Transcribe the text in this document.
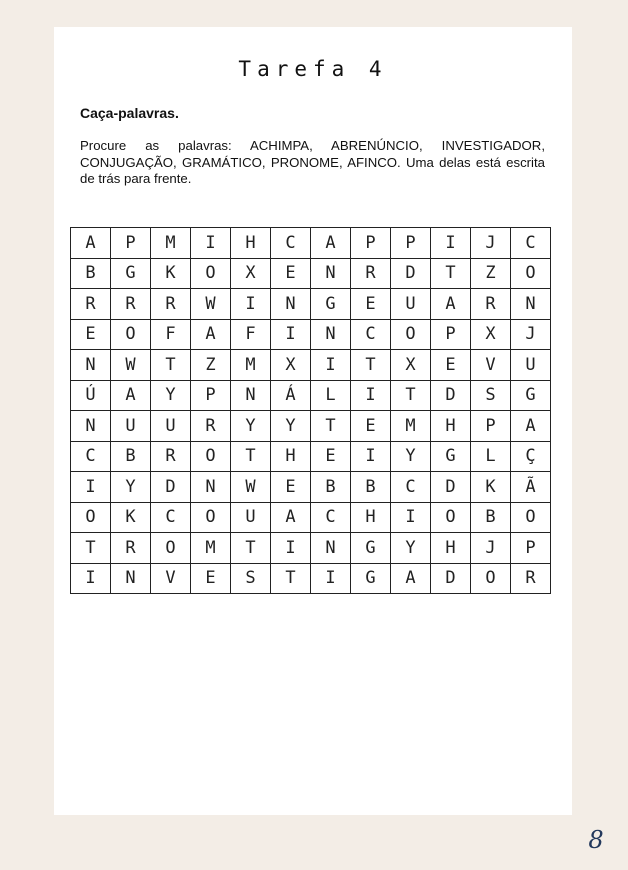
Tarefa 4
Caça-palavras.

Procure as palavras: ACHIMPA, ABRENÚNCIO, INVESTIGADOR, CONJUGAÇÃO, GRAMÁTICO, PRONOME, AFINCO. Uma delas está escrita de trás para frente.

A	P	M	I	H	C	A	P	P	I	J	C
B	G	K	O	X	E	N	R	D	T	Z	O
R	R	R	W	I	N	G	E	U	A	R	N
E	O	F	A	F	I	N	C	O	P	X	J
N	W	T	Z	M	X	I	T	X	E	V	U
Ú	A	Y	P	N	Á	L	I	T	D	S	G
N	U	U	R	Y	Y	T	E	M	H	P	A
C	B	R	O	T	H	E	I	Y	G	L	Ç
I	Y	D	N	W	E	B	B	C	D	K	Ã
O	K	C	O	U	A	C	H	I	O	B	O
T	R	O	M	T	I	N	G	Y	H	J	P
I	N	V	E	S	T	I	G	A	D	O	R
8
